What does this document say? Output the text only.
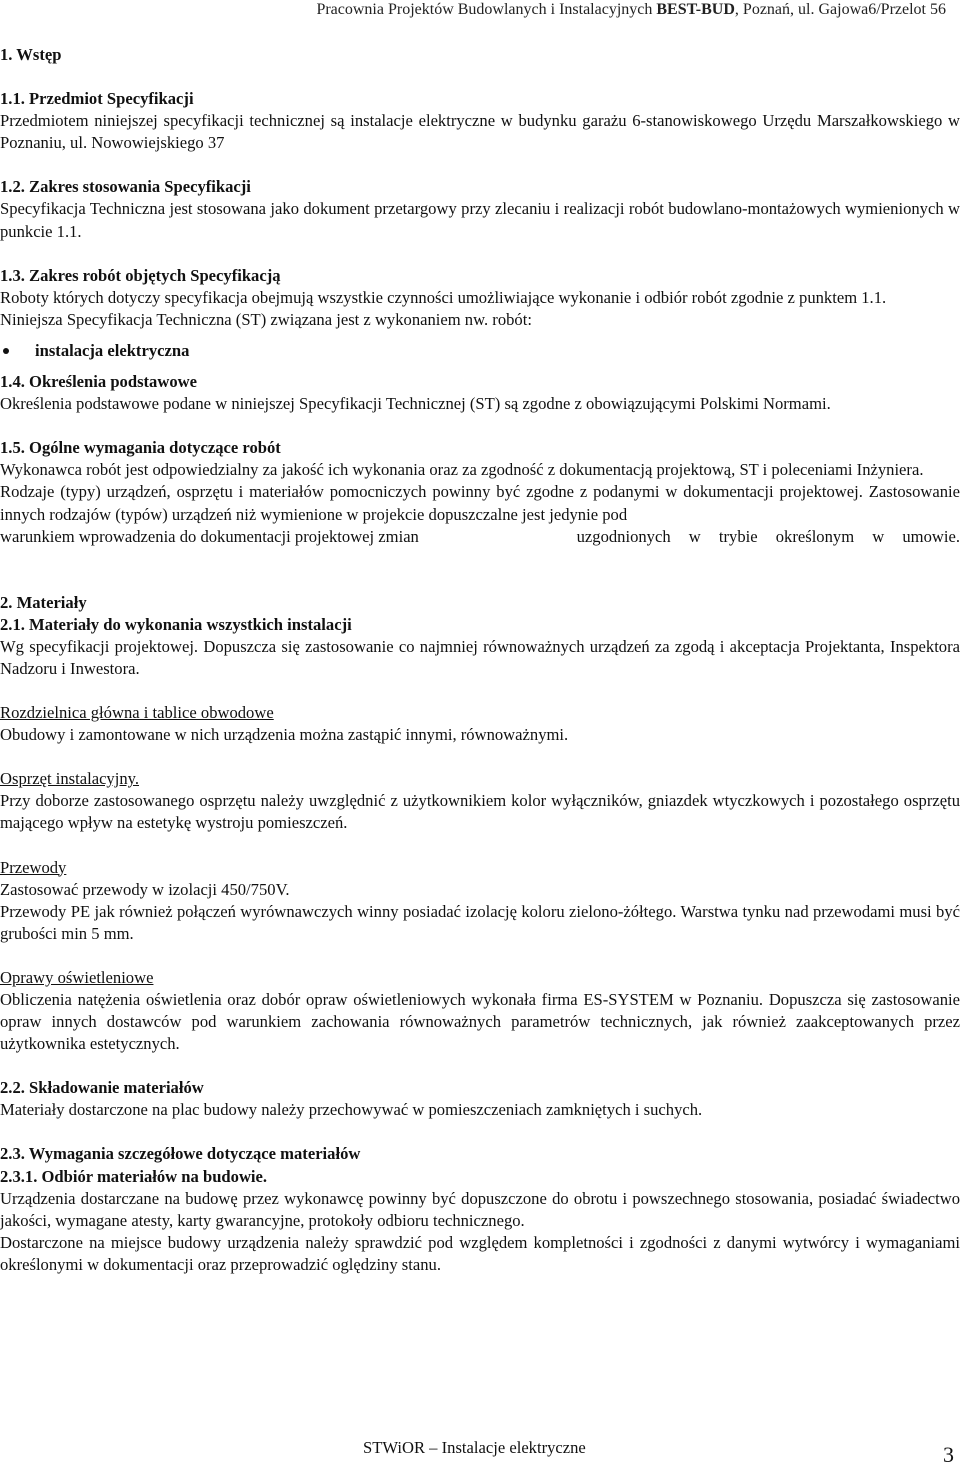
Pracownia Projektów Budowlanych i Instalacyjnych BEST-BUD, Poznań, ul. Gajowa6/Przelot 56

1. Wstęp

1.1. Przedmiot Specyfikacji

Przedmiotem niniejszej specyfikacji technicznej są instalacje elektryczne w budynku garażu 6-stanowiskowego Urzędu Marszałkowskiego w Poznaniu, ul. Nowowiejskiego 37

1.2. Zakres stosowania Specyfikacji

Specyfikacja Techniczna jest stosowana jako dokument przetargowy przy zlecaniu i realizacji robót budowlano-montażowych wymienionych w punkcie 1.1.

1.3. Zakres robót objętych Specyfikacją

Roboty których dotyczy specyfikacja obejmują wszystkie czynności umożliwiające wykonanie i odbiór robót zgodnie z punktem 1.1.

Niniejsza Specyfikacja Techniczna (ST) związana jest z wykonaniem nw. robót:

instalacja elektryczna

1.4. Określenia podstawowe

Określenia podstawowe podane w niniejszej Specyfikacji Technicznej (ST) są zgodne z obowiązującymi Polskimi Normami.

1.5. Ogólne wymagania dotyczące robót

Wykonawca robót jest odpowiedzialny za jakość ich wykonania oraz za zgodność z dokumentacją projektową, ST i poleceniami Inżyniera.

Rodzaje (typy) urządzeń, osprzętu i materiałów pomocniczych powinny być zgodne z podanymi w dokumentacji projektowej. Zastosowanie innych rodzajów (typów) urządzeń niż wymienione w projekcie dopuszczalne jest jedynie pod

warunkiem wprowadzenia do dokumentacji projektowej zmian	uzgodnionych w trybie określonym w umowie.

2. Materiały

2.1. Materiały do wykonania wszystkich instalacji

Wg specyfikacji projektowej. Dopuszcza się zastosowanie co najmniej równoważnych urządzeń za zgodą i akceptacja Projektanta, Inspektora Nadzoru i Inwestora.

Rozdzielnica główna i tablice obwodowe

Obudowy i zamontowane w nich urządzenia można zastąpić innymi, równoważnymi.

Osprzęt instalacyjny.

Przy doborze zastosowanego osprzętu należy uwzględnić z użytkownikiem kolor wyłączników, gniazdek wtyczkowych i pozostałego osprzętu mającego wpływ na estetykę wystroju pomieszczeń.

Przewody

Zastosować przewody w izolacji 450/750V.

Przewody PE jak również połączeń wyrównawczych winny posiadać izolację koloru zielono-żółtego. Warstwa tynku nad przewodami musi być grubości min 5 mm.

Oprawy oświetleniowe

Obliczenia natężenia oświetlenia oraz dobór opraw oświetleniowych wykonała firma ES-SYSTEM w Poznaniu. Dopuszcza się zastosowanie opraw innych dostawców pod warunkiem zachowania równoważnych parametrów technicznych, jak również zaakceptowanych przez użytkownika estetycznych.

2.2. Składowanie materiałów

Materiały dostarczone na plac budowy należy przechowywać w pomieszczeniach zamkniętych i suchych.

2.3. Wymagania szczegółowe dotyczące materiałów

2.3.1. Odbiór materiałów na budowie.

Urządzenia dostarczane na budowę przez wykonawcę powinny być dopuszczone do obrotu i powszechnego stosowania, posiadać świadectwo jakości, wymagane atesty, karty gwarancyjne, protokoły odbioru technicznego.

Dostarczone na miejsce budowy urządzenia należy sprawdzić pod względem kompletności i zgodności z danymi wytwórcy i wymaganiami określonymi w dokumentacji oraz przeprowadzić oględziny stanu.

STWiOR – Instalacje elektryczne	3
